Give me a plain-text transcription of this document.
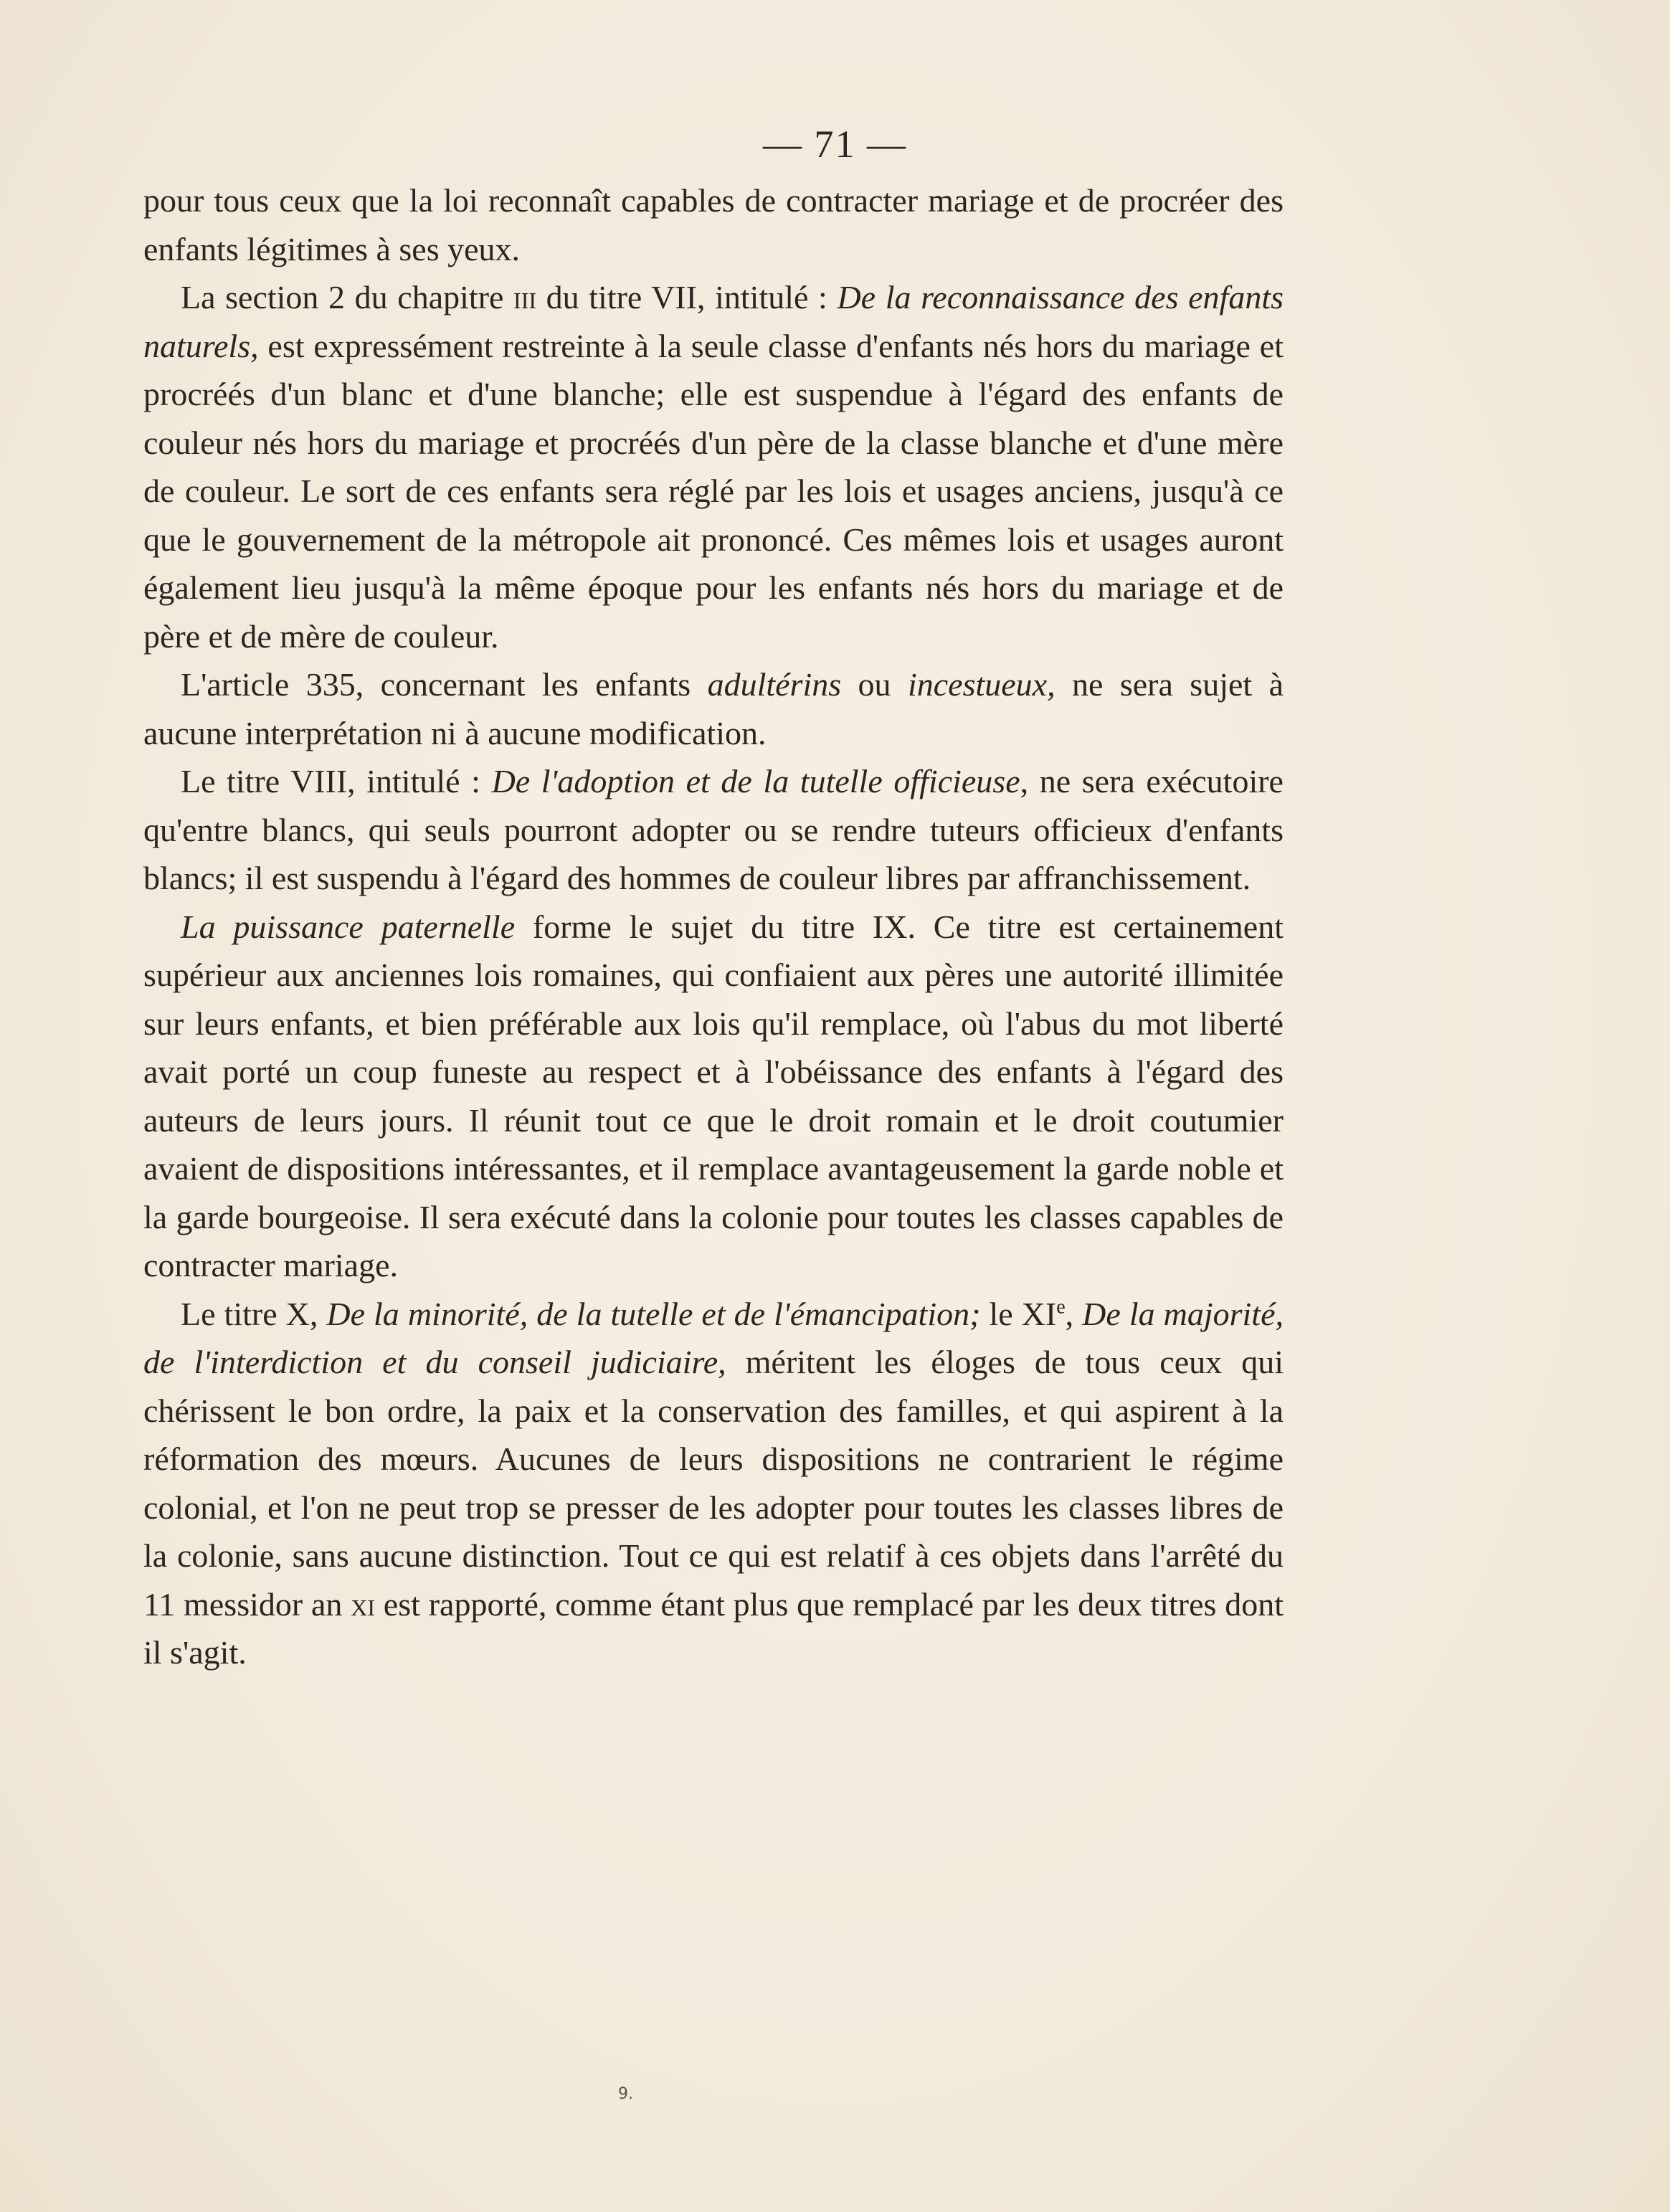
— 71 —

pour tous ceux que la loi reconnaît capables de contracter mariage et de procréer des enfants légitimes à ses yeux.

La section 2 du chapitre iii du titre VII, intitulé : De la reconnaissance des enfants naturels, est expressément restreinte à la seule classe d'enfants nés hors du mariage et procréés d'un blanc et d'une blanche; elle est suspendue à l'égard des enfants de couleur nés hors du mariage et procréés d'un père de la classe blanche et d'une mère de couleur. Le sort de ces enfants sera réglé par les lois et usages anciens, jusqu'à ce que le gouvernement de la métropole ait prononcé. Ces mêmes lois et usages auront également lieu jusqu'à la même époque pour les enfants nés hors du mariage et de père et de mère de couleur.

L'article 335, concernant les enfants adultérins ou incestueux, ne sera sujet à aucune interprétation ni à aucune modification.

Le titre VIII, intitulé : De l'adoption et de la tutelle officieuse, ne sera exécutoire qu'entre blancs, qui seuls pourront adopter ou se rendre tuteurs officieux d'enfants blancs; il est suspendu à l'égard des hommes de couleur libres par affranchissement.

La puissance paternelle forme le sujet du titre IX. Ce titre est certainement supérieur aux anciennes lois romaines, qui confiaient aux pères une autorité illimitée sur leurs enfants, et bien préférable aux lois qu'il remplace, où l'abus du mot liberté avait porté un coup funeste au respect et à l'obéissance des enfants à l'égard des auteurs de leurs jours. Il réunit tout ce que le droit romain et le droit coutumier avaient de dispositions intéressantes, et il remplace avantageusement la garde noble et la garde bourgeoise. Il sera exécuté dans la colonie pour toutes les classes capables de contracter mariage.

Le titre X, De la minorité, de la tutelle et de l'émancipation; le XIe, De la majorité, de l'interdiction et du conseil judiciaire, méritent les éloges de tous ceux qui chérissent le bon ordre, la paix et la conservation des familles, et qui aspirent à la réformation des mœurs. Aucunes de leurs dispositions ne contrarient le régime colonial, et l'on ne peut trop se presser de les adopter pour toutes les classes libres de la colonie, sans aucune distinction. Tout ce qui est relatif à ces objets dans l'arrêté du 11 messidor an xi est rapporté, comme étant plus que remplacé par les deux titres dont il s'agit.

9.
